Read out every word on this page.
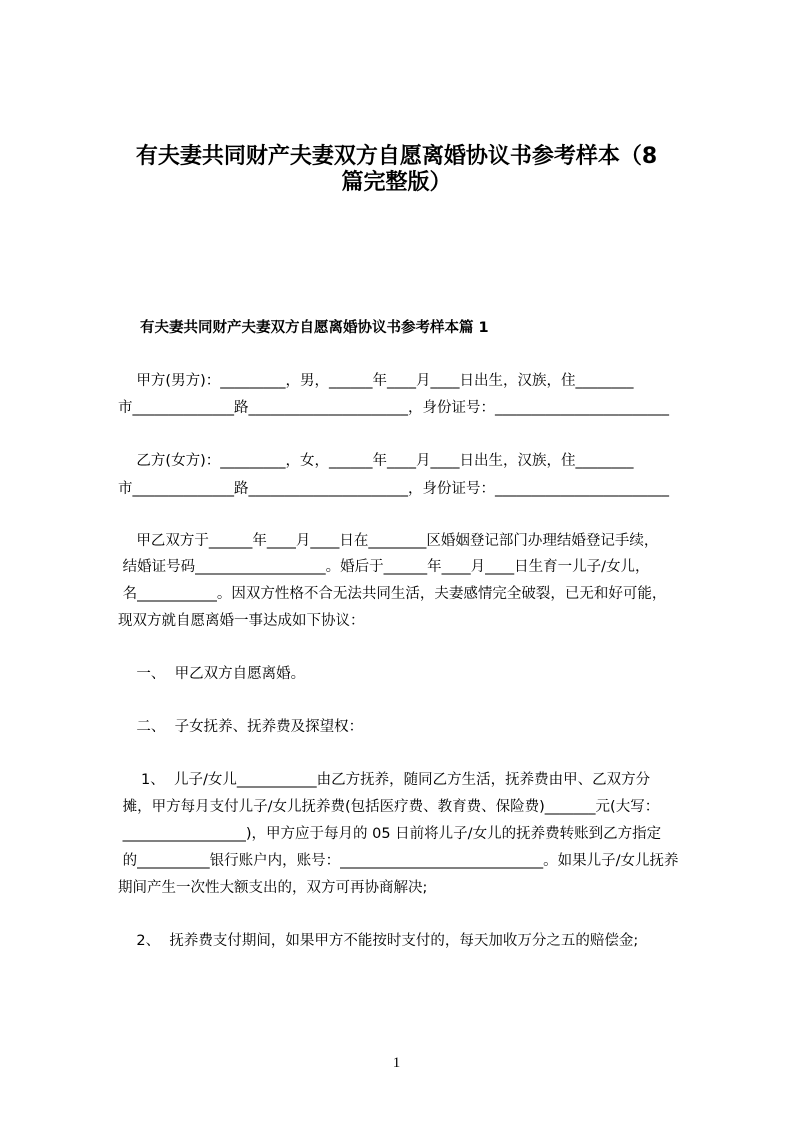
有夫妻共同财产夫妻双方自愿离婚协议书参考样本（8
篇完整版）
有夫妻共同财产夫妻双方自愿离婚协议书参考样本篇 1
甲方(男方)：_________，男，______年____月____日出生，汉族，住________
市______________路______________________，身份证号：________________________
乙方(女方)：_________，女，______年____月____日出生，汉族，住________
市______________路______________________，身份证号：________________________
甲乙双方于______年____月____日在________区婚姻登记部门办理结婚登记手续，
结婚证号码__________________。婚后于______年____月____日生育一儿子/女儿，
名___________。因双方性格不合无法共同生活，夫妻感情完全破裂，已无和好可能，
现双方就自愿离婚一事达成如下协议：
一、  甲乙双方自愿离婚。
二、  子女抚养、抚养费及探望权：
1、  儿子/女儿___________由乙方抚养，随同乙方生活，抚养费由甲、乙双方分
摊，甲方每月支付儿子/女儿抚养费(包括医疗费、教育费、保险费)_______元(大写：
_________________)，甲方应于每月的 05 日前将儿子/女儿的抚养费转账到乙方指定
的__________银行账户内，账号：____________________________。如果儿子/女儿抚养
期间产生一次性大额支出的，双方可再协商解决;
2、  抚养费支付期间，如果甲方不能按时支付的，每天加收万分之五的赔偿金;
1
